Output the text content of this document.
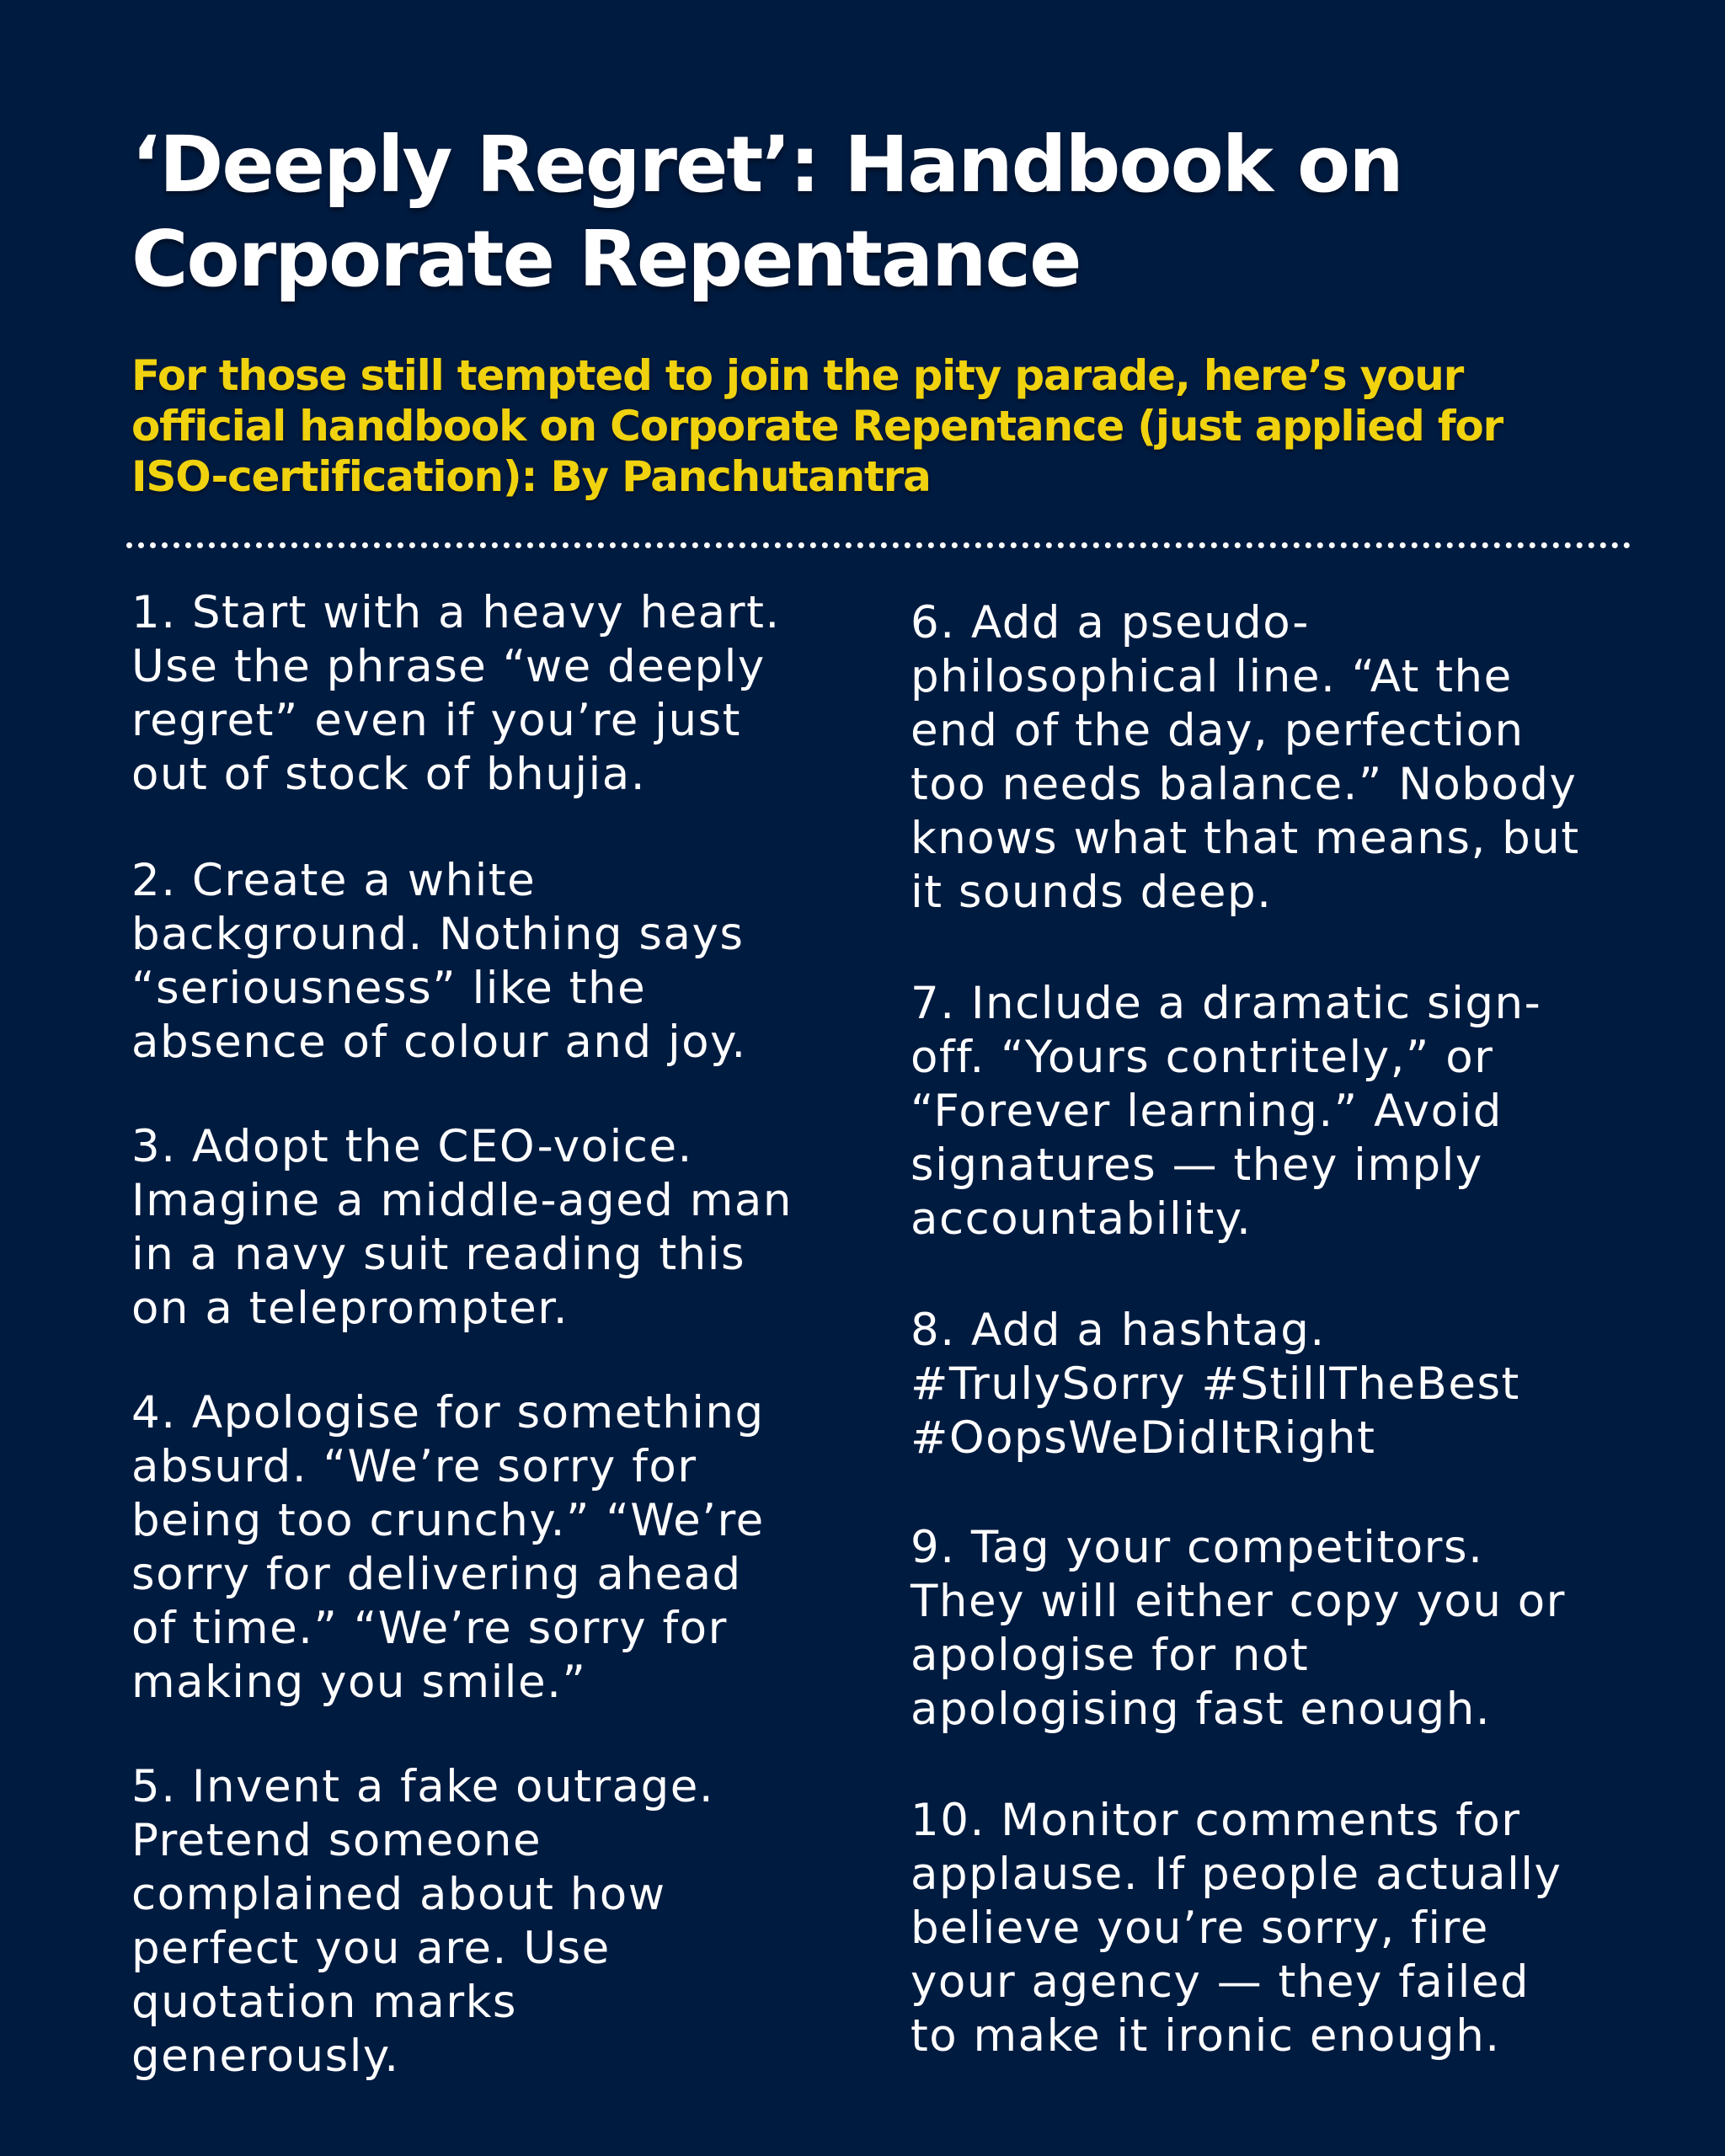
‘Deeply Regret’: Handbook on
Corporate Repentance

For those still tempted to join the pity parade, here’s your
official handbook on Corporate Repentance (just applied for
ISO-certification): By Panchutantra

1. Start with a heavy heart.
Use the phrase “we deeply
regret” even if you’re just
out of stock of bhujia.

2. Create a white
background. Nothing says
“seriousness” like the
absence of colour and joy.

3. Adopt the CEO-voice.
Imagine a middle-aged man
in a navy suit reading this
on a teleprompter.

4. Apologise for something
absurd. “We’re sorry for
being too crunchy.” “We’re
sorry for delivering ahead
of time.” “We’re sorry for
making you smile.”

5. Invent a fake outrage.
Pretend someone
complained about how
perfect you are. Use
quotation marks
generously.

6. Add a pseudo-
philosophical line. “At the
end of the day, perfection
too needs balance.” Nobody
knows what that means, but
it sounds deep.

7. Include a dramatic sign-
off. “Yours contritely,” or
“Forever learning.” Avoid
signatures — they imply
accountability.

8. Add a hashtag.
#TrulySorry #StillTheBest
#OopsWeDidItRight

9. Tag your competitors.
They will either copy you or
apologise for not
apologising fast enough.

10. Monitor comments for
applause. If people actually
believe you’re sorry, fire
your agency — they failed
to make it ironic enough.
